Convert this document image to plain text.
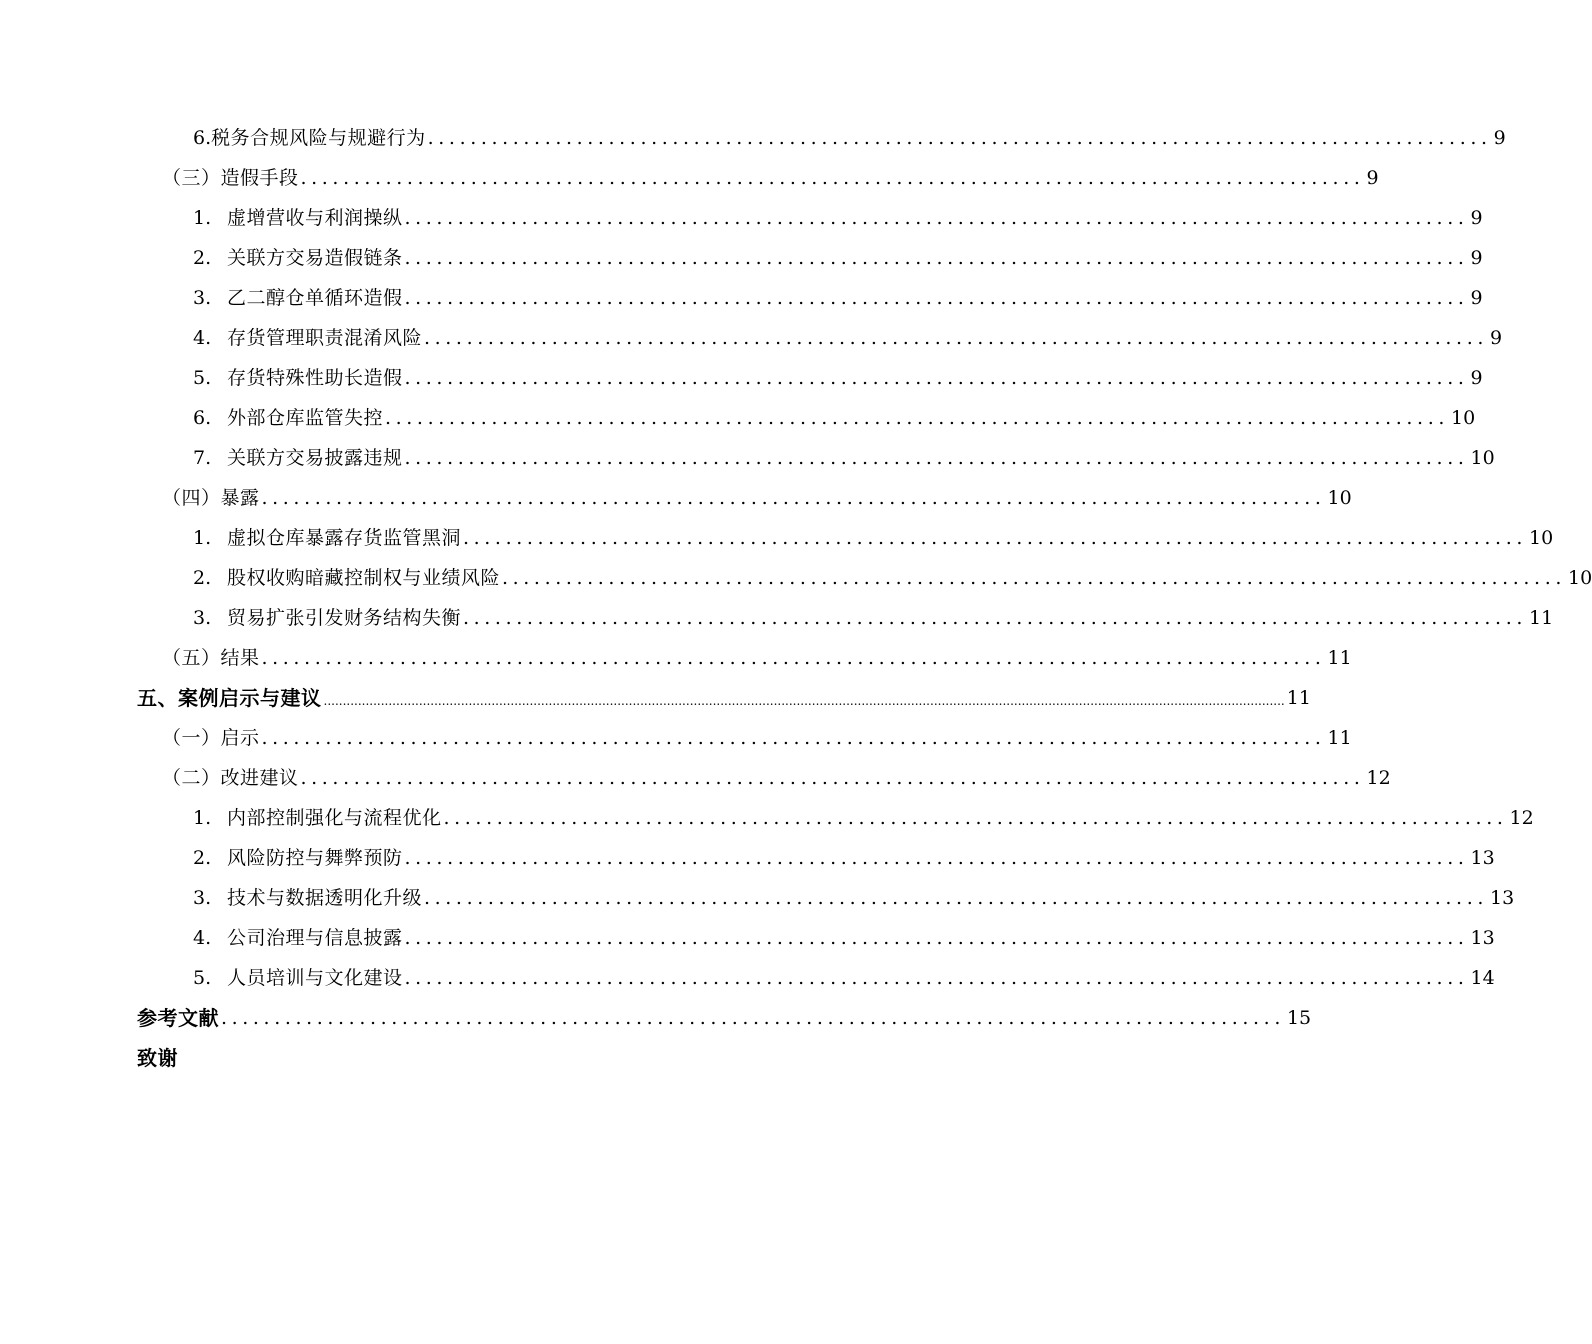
6. 税务合规风险与规避行为 .................................................................................................... 9
（三）造假手段 .................................................................................................... 9
1. 虚增营收与利润操纵 .................................................................................................... 9
2. 关联方交易造假链条 .................................................................................................... 9
3. 乙二醇仓单循环造假 .................................................................................................... 9
4. 存货管理职责混淆风险 .................................................................................................... 9
5. 存货特殊性助长造假 .................................................................................................... 9
6. 外部仓库监管失控 .................................................................................................... 10
7. 关联方交易披露违规 .................................................................................................... 10
（四）暴露 .................................................................................................... 10
1. 虚拟仓库暴露存货监管黑洞 .................................................................................................... 10
2. 股权收购暗藏控制权与业绩风险 .................................................................................................... 10
3. 贸易扩张引发财务结构失衡 .................................................................................................... 11
（五）结果 .................................................................................................... 11
五、案例启示与建议 ............................................................................................................................................................................................................................................................ 11
（一）启示 .................................................................................................... 11
（二）改进建议 .................................................................................................... 12
1. 内部控制强化与流程优化 .................................................................................................... 12
2. 风险防控与舞弊预防 .................................................................................................... 13
3. 技术与数据透明化升级 .................................................................................................... 13
4. 公司治理与信息披露 .................................................................................................... 13
5. 人员培训与文化建设 .................................................................................................... 14
参考文献 .................................................................................................... 15
致谢
